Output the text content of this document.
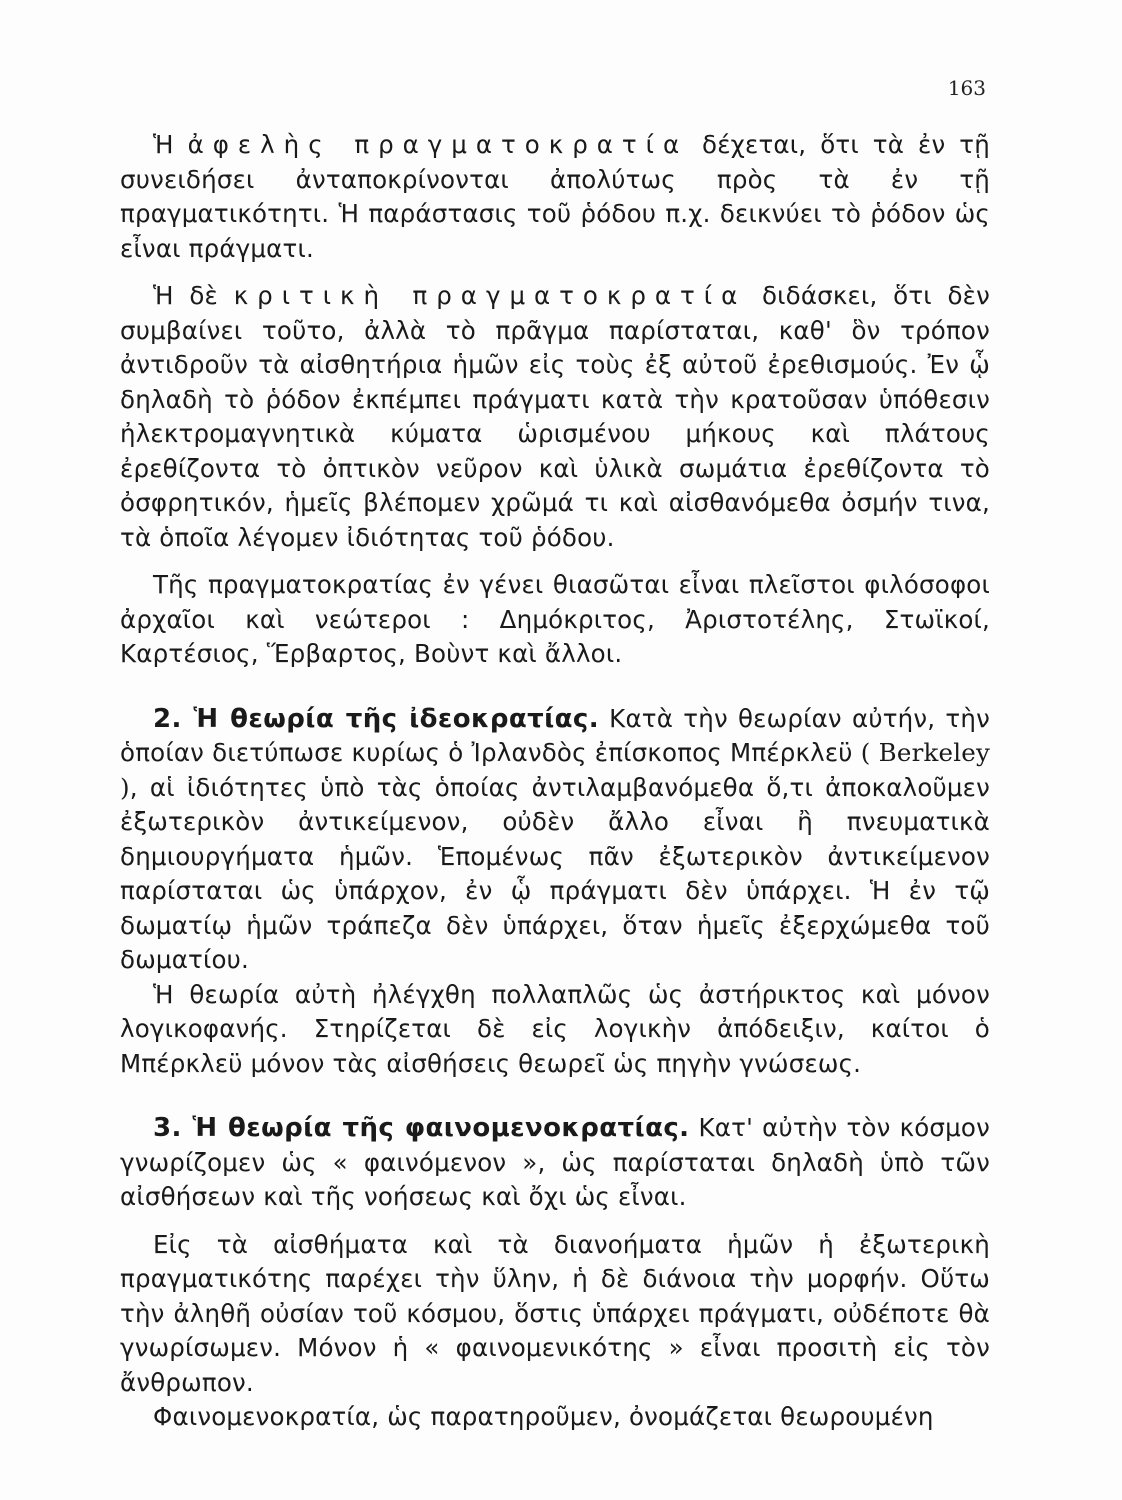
163

Ἡ ἀφελὴς πραγματοκρατία δέχεται, ὅτι τὰ ἐν τῇ συνειδήσει ἀνταποκρίνονται ἀπολύτως πρὸς τὰ ἐν τῇ πραγματικότητι. Ἡ παράστασις τοῦ ῥόδου π.χ. δεικνύει τὸ ῥόδον ὡς εἶναι πράγματι.

Ἡ δὲ κριτικὴ πραγματοκρατία διδάσκει, ὅτι δὲν συμβαίνει τοῦτο, ἀλλὰ τὸ πρᾶγμα παρίσταται, καθ' ὃν τρόπον ἀντιδροῦν τὰ αἰσθητήρια ἡμῶν εἰς τοὺς ἐξ αὐτοῦ ἐρεθισμούς. Ἐν ᾧ δηλαδὴ τὸ ῥόδον ἐκπέμπει πράγματι κατὰ τὴν κρατοῦσαν ὑπόθεσιν ἠλεκτρομαγνητικὰ κύματα ὡρισμένου μήκους καὶ πλάτους ἐρεθίζοντα τὸ ὀπτικὸν νεῦρον καὶ ὑλικὰ σωμάτια ἐρεθίζοντα τὸ ὀσφρητικόν, ἡμεῖς βλέπομεν χρῶμά τι καὶ αἰσθανόμεθα ὀσμήν τινα, τὰ ὁποῖα λέγομεν ἰδιότητας τοῦ ῥόδου.

Τῆς πραγματοκρατίας ἐν γένει θιασῶται εἶναι πλεῖστοι φιλόσοφοι ἀρχαῖοι καὶ νεώτεροι : Δημόκριτος, Ἀριστοτέλης, Στωϊκοί, Καρτέσιος, Ἕρβαρτος, Βοὺντ καὶ ἄλλοι.

2. Ἡ θεωρία τῆς ἰδεοκρατίας. Κατὰ τὴν θεωρίαν αὐτήν, τὴν ὁποίαν διετύπωσε κυρίως ὁ Ἰρλανδὸς ἐπίσκοπος Μπέρκλεϋ ( Berkeley ), αἱ ἰδιότητες ὑπὸ τὰς ὁποίας ἀντιλαμβανόμεθα ὅ,τι ἀποκαλοῦμεν ἐξωτερικὸν ἀντικείμενον, οὐδὲν ἄλλο εἶναι ἢ πνευματικὰ δημιουργήματα ἡμῶν. Ἑπομένως πᾶν ἐξωτερικὸν ἀντικείμενον παρίσταται ὡς ὑπάρχον, ἐν ᾧ πράγματι δὲν ὑπάρχει. Ἡ ἐν τῷ δωματίῳ ἡμῶν τράπεζα δὲν ὑπάρχει, ὅταν ἡμεῖς ἐξερχώμεθα τοῦ δωματίου.

Ἡ θεωρία αὐτὴ ἠλέγχθη πολλαπλῶς ὡς ἀστήρικτος καὶ μόνον λογικοφανής. Στηρίζεται δὲ εἰς λογικὴν ἀπόδειξιν, καίτοι ὁ Μπέρκλεϋ μόνον τὰς αἰσθήσεις θεωρεῖ ὡς πηγὴν γνώσεως.

3. Ἡ θεωρία τῆς φαινομενοκρατίας. Κατ' αὐτὴν τὸν κόσμον γνωρίζομεν ὡς « φαινόμενον », ὡς παρίσταται δηλαδὴ ὑπὸ τῶν αἰσθήσεων καὶ τῆς νοήσεως καὶ ὄχι ὡς εἶναι.

Εἰς τὰ αἰσθήματα καὶ τὰ διανοήματα ἡμῶν ἡ ἐξωτερικὴ πραγματικότης παρέχει τὴν ὕλην, ἡ δὲ διάνοια τὴν μορφήν. Οὕτω τὴν ἀληθῆ οὐσίαν τοῦ κόσμου, ὅστις ὑπάρχει πράγματι, οὐδέποτε θὰ γνωρίσωμεν. Μόνον ἡ « φαινομενικότης » εἶναι προσιτὴ εἰς τὸν ἄνθρωπον.

Φαινομενοκρατία, ὡς παρατηροῦμεν, ὀνομάζεται θεωρουμένη
